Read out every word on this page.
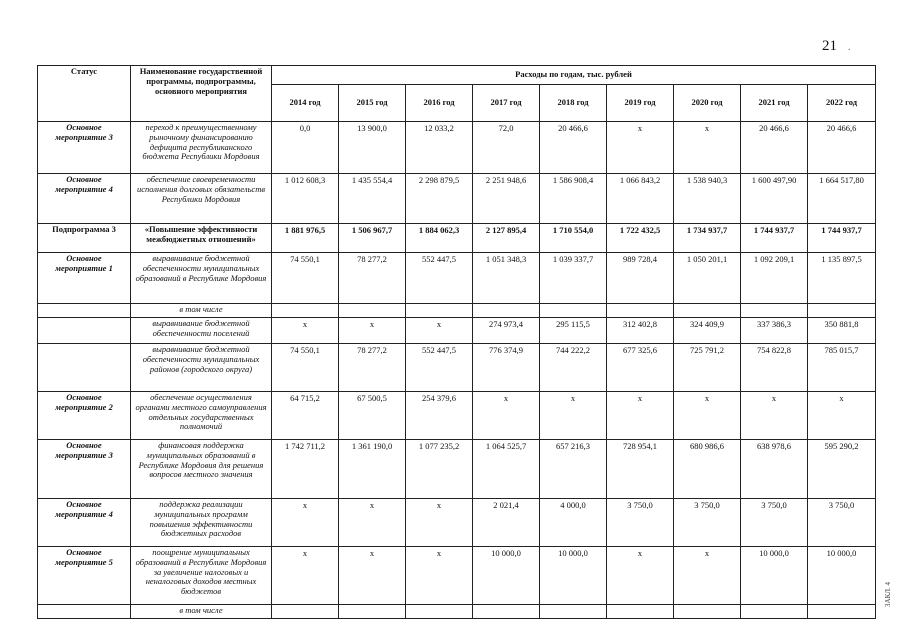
21 .
ЗАКЛ. 4
Статус	Наименование государственной программы, подпрограммы, основного мероприятия	Расходы по годам, тыс. рублей								
		2014 год	2015 год	2016 год	2017 год	2018 год	2019 год	2020 год	2021 год	2022 год
Основное мероприятие 3	переход к преимущественному рыночному финансированию дефицита республиканского бюджета Республики Мордовия	0,0	13 900,0	12 033,2	72,0	20 466,6	х	х	20 466,6	20 466,6
Основное мероприятие 4	обеспечение своевременности исполнения долговых обязательств Республики Мордовия	1 012 608,3	1 435 554,4	2 298 879,5	2 251 948,6	1 586 908,4	1 066 843,2	1 538 940,3	1 600 497,90	1 664 517,80
Подпрограмма 3	«Повышение эффективности межбюджетных отношений»	1 881 976,5	1 506 967,7	1 884 062,3	2 127 895,4	1 710 554,0	1 722 432,5	1 734 937,7	1 744 937,7	1 744 937,7
Основное мероприятие 1	выравнивание бюджетной обеспеченности муниципальных образований в Республике Мордовия	74 550,1	78 277,2	552 447,5	1 051 348,3	1 039 337,7	989 728,4	1 050 201,1	1 092 209,1	1 135 897,5
	в том числе									
	выравнивание бюджетной обеспеченности поселений	х	х	х	274 973,4	295 115,5	312 402,8	324 409,9	337 386,3	350 881,8
	выравнивание бюджетной обеспеченности муниципальных районов (городского округа)	74 550,1	78 277,2	552 447,5	776 374,9	744 222,2	677 325,6	725 791,2	754 822,8	785 015,7
Основное мероприятие 2	обеспечение осуществления органами местного самоуправления отдельных государственных полномочий	64 715,2	67 500,5	254 379,6	х	х	х	х	х	х
Основное мероприятие 3	финансовая поддержка муниципальных образований в Республике Мордовия для решения вопросов местного значения	1 742 711,2	1 361 190,0	1 077 235,2	1 064 525,7	657 216,3	728 954,1	680 986,6	638 978,6	595 290,2
Основное мероприятие 4	поддержка реализации муниципальных программ повышения эффективности бюджетных расходов	х	х	х	2 021,4	4 000,0	3 750,0	3 750,0	3 750,0	3 750,0
Основное мероприятие 5	поощрение муниципальных образований в Республике Мордовия за увеличение налоговых и неналоговых доходов местных бюджетов	х	х	х	10 000,0	10 000,0	х	х	10 000,0	10 000,0
	в том числе									
